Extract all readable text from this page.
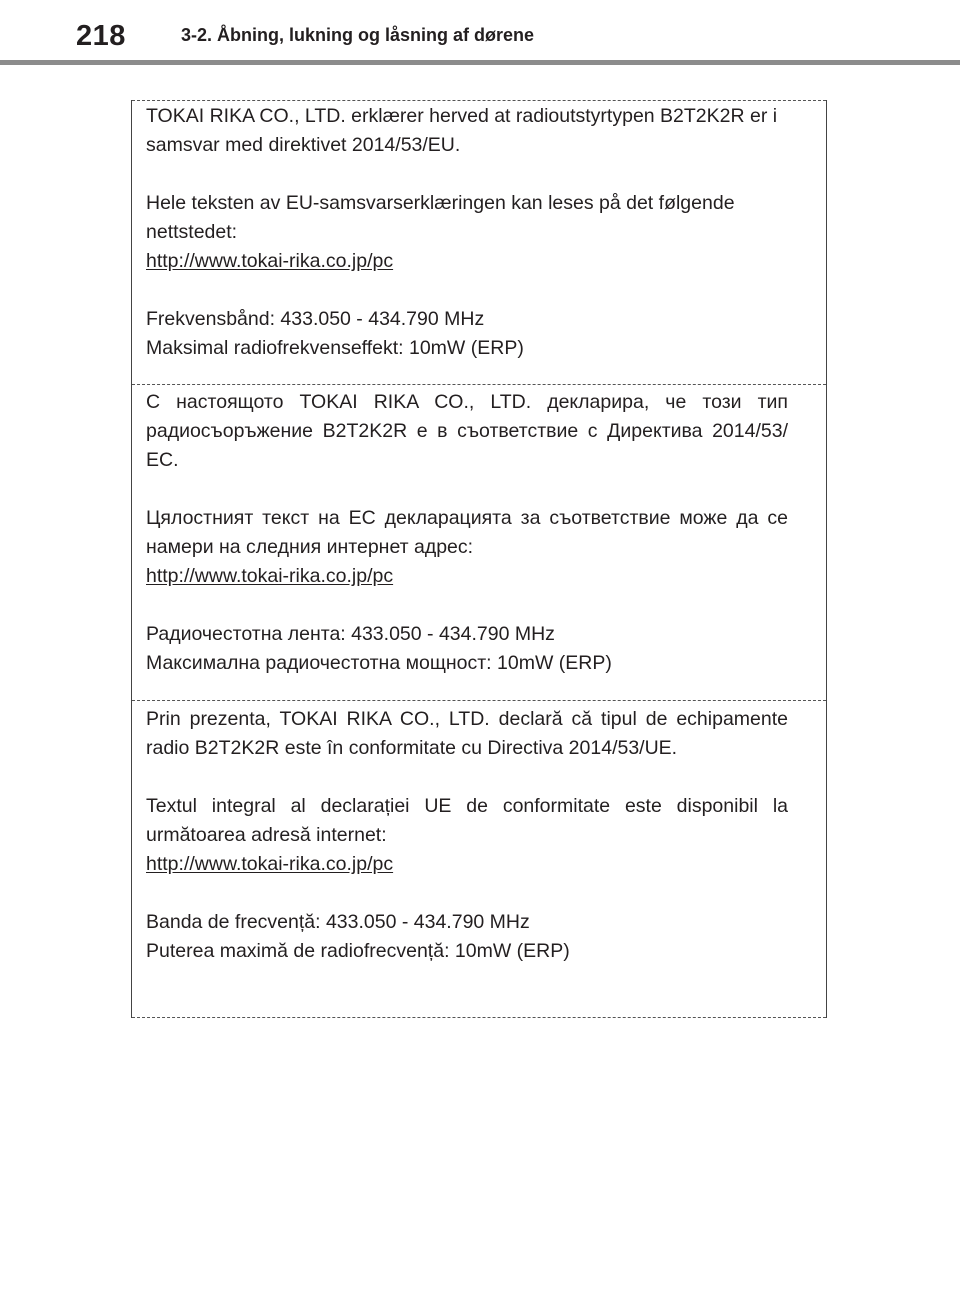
218	3-2. Åbning, lukning og låsning af dørene

TOKAI RIKA CO., LTD. erklærer herved at radioutstyrtypen B2T2K2R er i samsvar med direktivet 2014/53/EU.

Hele teksten av EU-samsvarserklæringen kan leses på det følgende nettstedet:

http://www.tokai-rika.co.jp/pc

Frekvensbånd: 433.050 - 434.790 MHz

Maksimal radiofrekvenseffekt: 10mW (ERP)

С настоящото TOKAI RIKA CO., LTD. декларира, че този тип радиосъоръжение B2T2K2R е в съответствие с Директива 2014/53/ЕС.

Цялостният текст на ЕС декларацията за съответствие може да се намери на следния интернет адрес:

http://www.tokai-rika.co.jp/pc

Радиочестотна лента: 433.050 - 434.790 MHz

Максимална радиочестотна мощност: 10mW (ERP)

Prin prezenta, TOKAI RIKA CO., LTD. declară că tipul de echipamente radio B2T2K2R este în conformitate cu Directiva 2014/53/UE.

Textul integral al declarației UE de conformitate este disponibil la următoarea adresă internet:

http://www.tokai-rika.co.jp/pc

Banda de frecvență: 433.050 - 434.790 MHz

Puterea maximă de radiofrecvență: 10mW (ERP)
